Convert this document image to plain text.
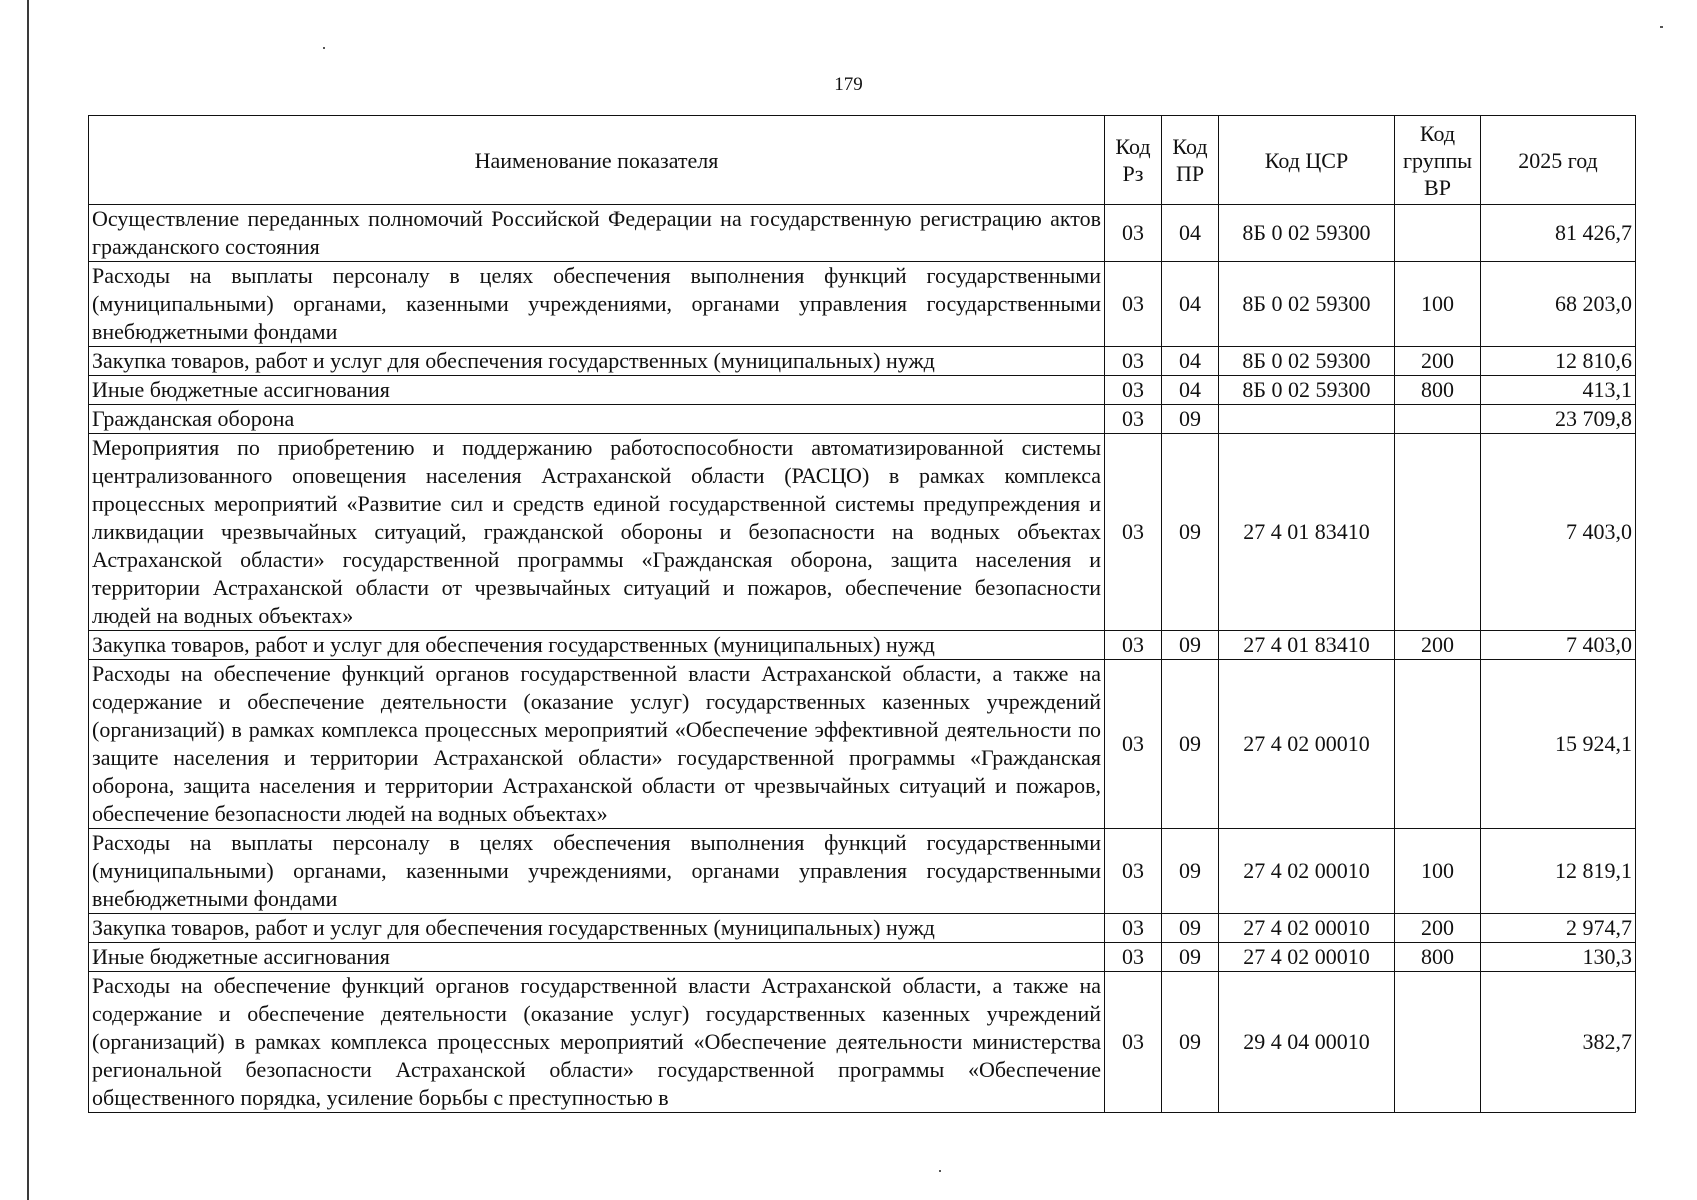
179
Наименование показателя	Код Рз	Код ПР	Код ЦСР	Код группы ВР	2025 год
Осуществление переданных полномочий Российской Федерации на государственную регистрацию актов гражданского состояния	03	04	8Б 0 02 59300		81 426,7
Расходы на выплаты персоналу в целях обеспечения выполнения функций государственными (муниципальными) органами, казенными учреждениями, органами управления государственными внебюджетными фондами	03	04	8Б 0 02 59300	100	68 203,0
Закупка товаров, работ и услуг для обеспечения государственных (муниципальных) нужд	03	04	8Б 0 02 59300	200	12 810,6
Иные бюджетные ассигнования	03	04	8Б 0 02 59300	800	413,1
Гражданская оборона	03	09			23 709,8
Мероприятия по приобретению и поддержанию работоспособности автоматизированной системы централизованного оповещения населения Астраханской области (РАСЦО) в рамках комплекса процессных мероприятий «Развитие сил и средств единой государственной системы предупреждения и ликвидации чрезвычайных ситуаций, гражданской обороны и безопасности на водных объектах Астраханской области» государственной программы «Гражданская оборона, защита населения и территории Астраханской области от чрезвычайных ситуаций и пожаров, обеспечение безопасности людей на водных объектах»	03	09	27 4 01 83410		7 403,0
Закупка товаров, работ и услуг для обеспечения государственных (муниципальных) нужд	03	09	27 4 01 83410	200	7 403,0
Расходы на обеспечение функций органов государственной власти Астраханской области, а также на содержание и обеспечение деятельности (оказание услуг) государственных казенных учреждений (организаций) в рамках комплекса процессных мероприятий «Обеспечение эффективной деятельности по защите населения и территории Астраханской области» государственной программы «Гражданская оборона, защита населения и территории Астраханской области от чрезвычайных ситуаций и пожаров, обеспечение безопасности людей на водных объектах»	03	09	27 4 02 00010		15 924,1
Расходы на выплаты персоналу в целях обеспечения выполнения функций государственными (муниципальными) органами, казенными учреждениями, органами управления государственными внебюджетными фондами	03	09	27 4 02 00010	100	12 819,1
Закупка товаров, работ и услуг для обеспечения государственных (муниципальных) нужд	03	09	27 4 02 00010	200	2 974,7
Иные бюджетные ассигнования	03	09	27 4 02 00010	800	130,3
Расходы на обеспечение функций органов государственной власти Астраханской области, а также на содержание и обеспечение деятельности (оказание услуг) государственных казенных учреждений (организаций) в рамках комплекса процессных мероприятий «Обеспечение деятельности министерства региональной безопасности Астраханской области» государственной программы «Обеспечение общественного порядка, усиление борьбы с преступностью в	03	09	29 4 04 00010		382,7
